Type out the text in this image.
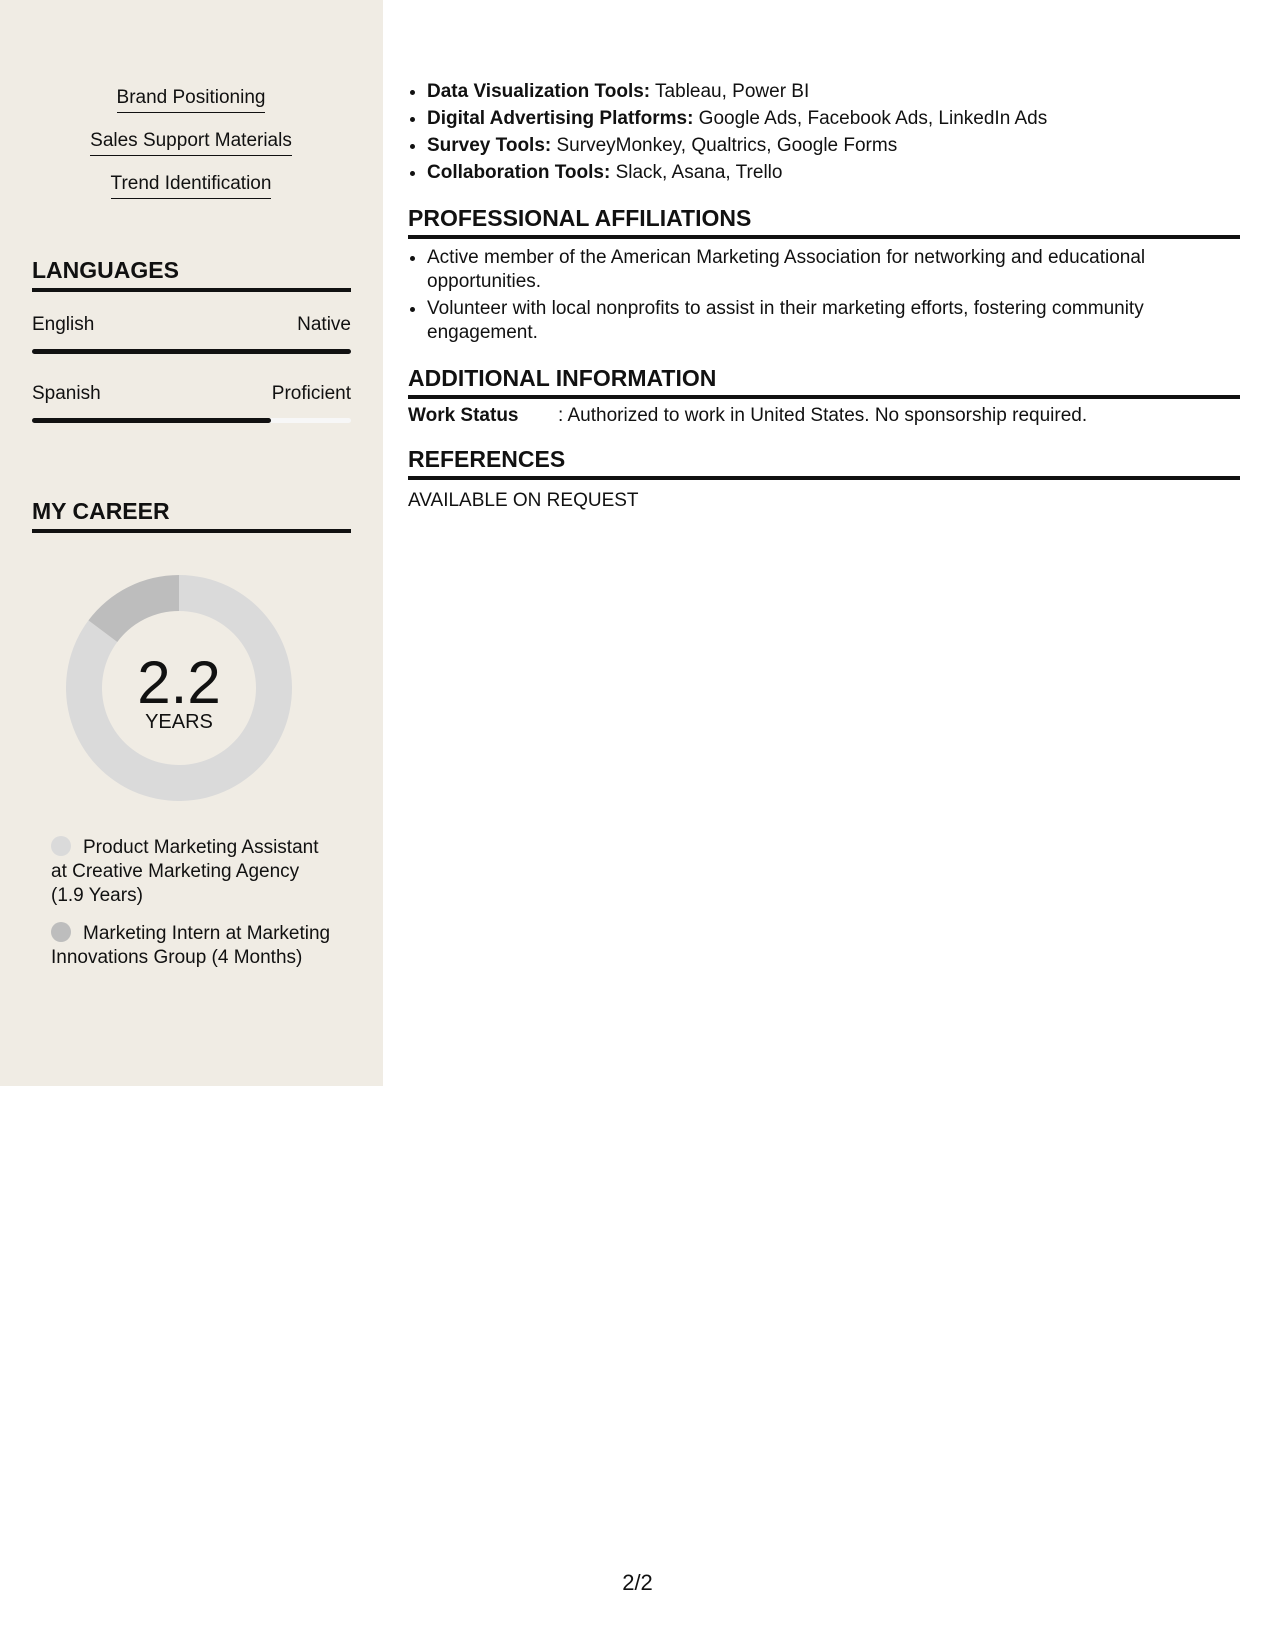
Brand Positioning
Sales Support Materials
Trend Identification
LANGUAGES
English	Native
Spanish	Proficient
MY CAREER
2.2
YEARS
Product Marketing Assistant at Creative Marketing Agency (1.9 Years)
Marketing Intern at Marketing Innovations Group (4 Months)
• Data Visualization Tools: Tableau, Power BI
• Digital Advertising Platforms: Google Ads, Facebook Ads, LinkedIn Ads
• Survey Tools: SurveyMonkey, Qualtrics, Google Forms
• Collaboration Tools: Slack, Asana, Trello
PROFESSIONAL AFFILIATIONS
• Active member of the American Marketing Association for networking and educational opportunities.
• Volunteer with local nonprofits to assist in their marketing efforts, fostering community engagement.
ADDITIONAL INFORMATION
Work Status : Authorized to work in United States. No sponsorship required.
REFERENCES
AVAILABLE ON REQUEST
2/2
